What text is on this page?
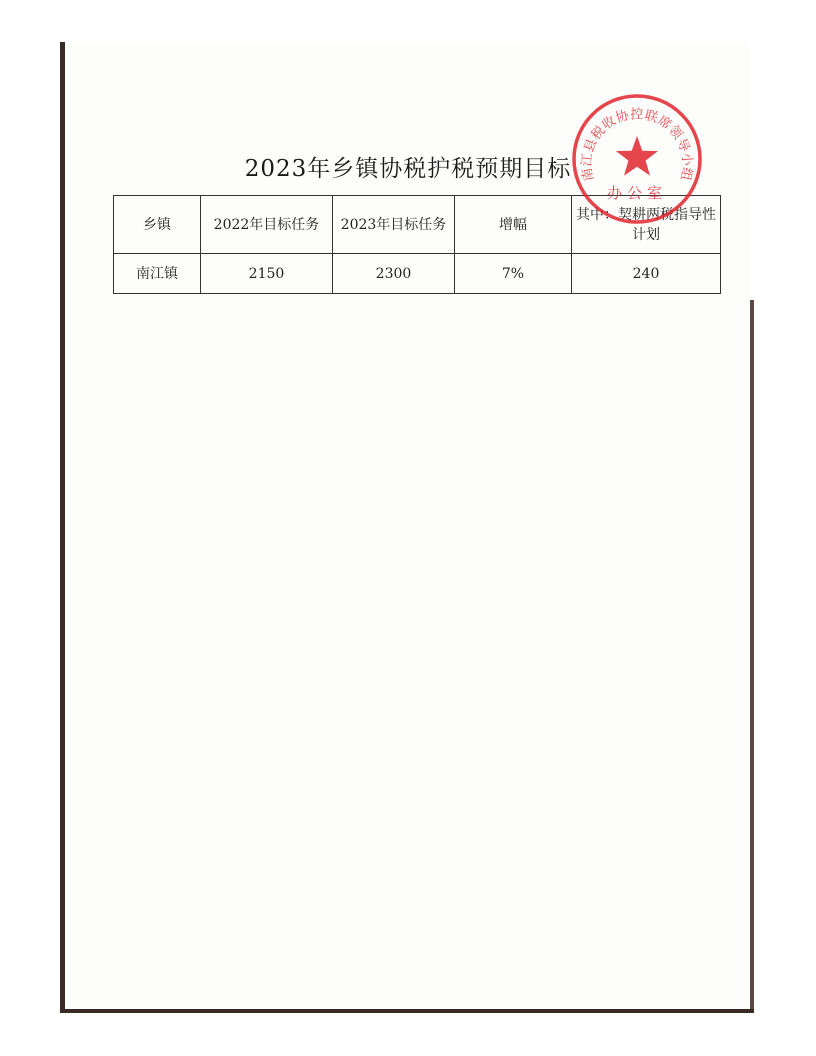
2023年乡镇协税护税预期目标
乡镇	2022年目标任务	2023年目标任务	增幅	其中：契耕两税指导性计划
南江镇	2150	2300	7%	240
南江县税收协控联席领导小组
办公室
